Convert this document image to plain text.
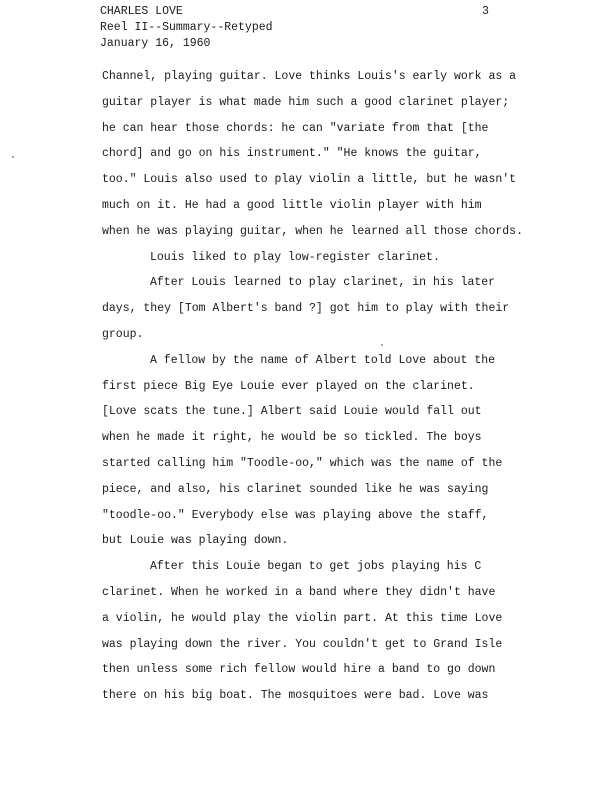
CHARLES LOVE
Reel II--Summary--Retyped
January 16, 1960
3
Channel, playing guitar. Love thinks Louis's early work as a
guitar player is what made him such a good clarinet player;
he can hear those chords: he can "variate from that [the
chord] and go on his instrument." "He knows the guitar,
too." Louis also used to play violin a little, but he wasn't
much on it. He had a good little violin player with him
when he was playing guitar, when he learned all those chords.
Louis liked to play low-register clarinet.
After Louis learned to play clarinet, in his later
days, they [Tom Albert's band ?] got him to play with their
group.
A fellow by the name of Albert told Love about the
first piece Big Eye Louie ever played on the clarinet.
[Love scats the tune.] Albert said Louie would fall out
when he made it right, he would be so tickled. The boys
started calling him "Toodle-oo," which was the name of the
piece, and also, his clarinet sounded like he was saying
"toodle-oo." Everybody else was playing above the staff,
but Louie was playing down.
After this Louie began to get jobs playing his C
clarinet. When he worked in a band where they didn't have
a violin, he would play the violin part. At this time Love
was playing down the river. You couldn't get to Grand Isle
then unless some rich fellow would hire a band to go down
there on his big boat. The mosquitoes were bad. Love was
